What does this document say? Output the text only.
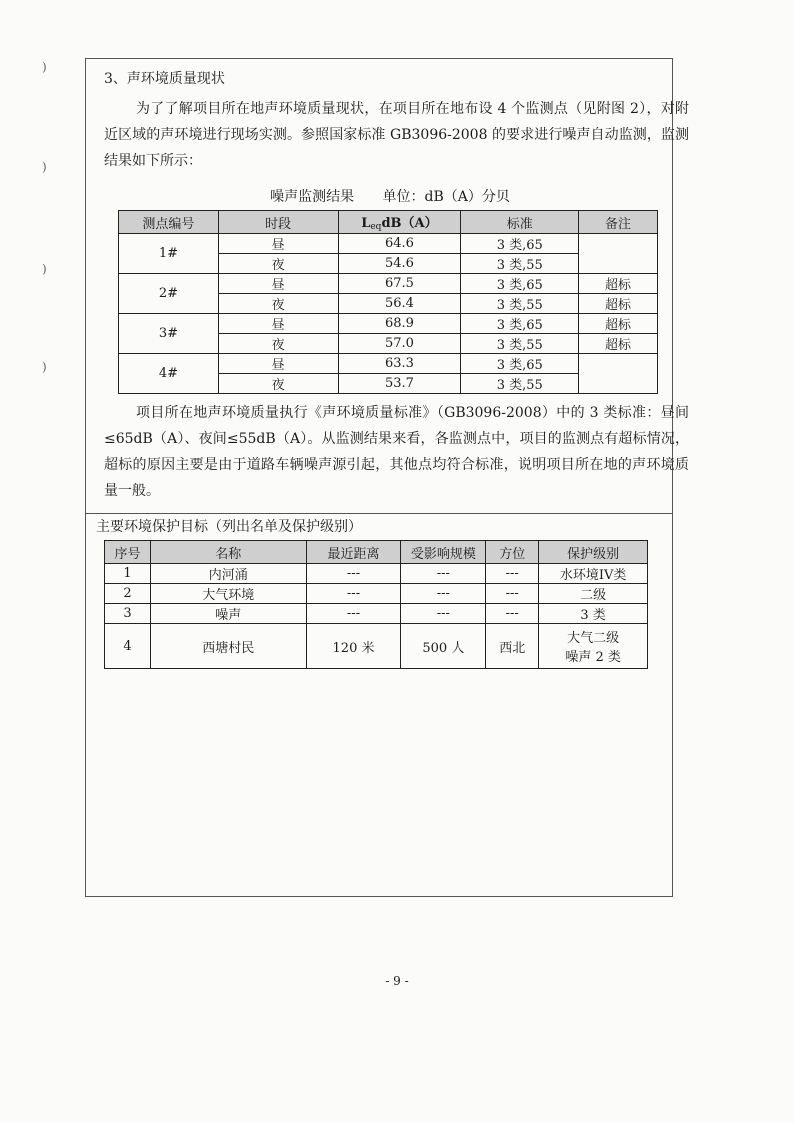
3、声环境质量现状

为了了解项目所在地声环境质量现状，在项目所在地布设 4 个监测点（见附图 2），对附近区域的声环境进行现场实测。参照国家标准 GB3096-2008 的要求进行噪声自动监测，监测结果如下所示：

噪声监测结果 单位：dB（A）分贝
测点编号	时段	$L_{eq}dB(A)$	标准	备注
1#	昼	64.6	3 类,65	
	夜	54.6	3 类,55	
2#	昼	67.5	3 类,65	超标
	夜	56.4	3 类,55	超标
3#	昼	68.9	3 类,65	超标
	夜	57.0	3 类,55	超标
4#	昼	63.3	3 类,65	
	夜	53.7	3 类,55	

项目所在地声环境质量执行《声环境质量标准》（GB3096-2008）中的 3 类标准：昼间≤65dB（A）、夜间≤55dB（A）。从监测结果来看，各监测点中，项目的监测点有超标情况，超标的原因主要是由于道路车辆噪声源引起，其他点均符合标准，说明项目所在地的声环境质量一般。

主要环境保护目标（列出名单及保护级别）
序号	名称	最近距离	受影响规模	方位	保护级别
1	内河涌	---	---	---	水环境IV类
2	大气环境	---	---	---	二级
3	噪声	---	---	---	3 类
4	西塘村民	120 米	500 人	西北	大气二级
噪声 2 类
- 9 -
)
)
)
)
